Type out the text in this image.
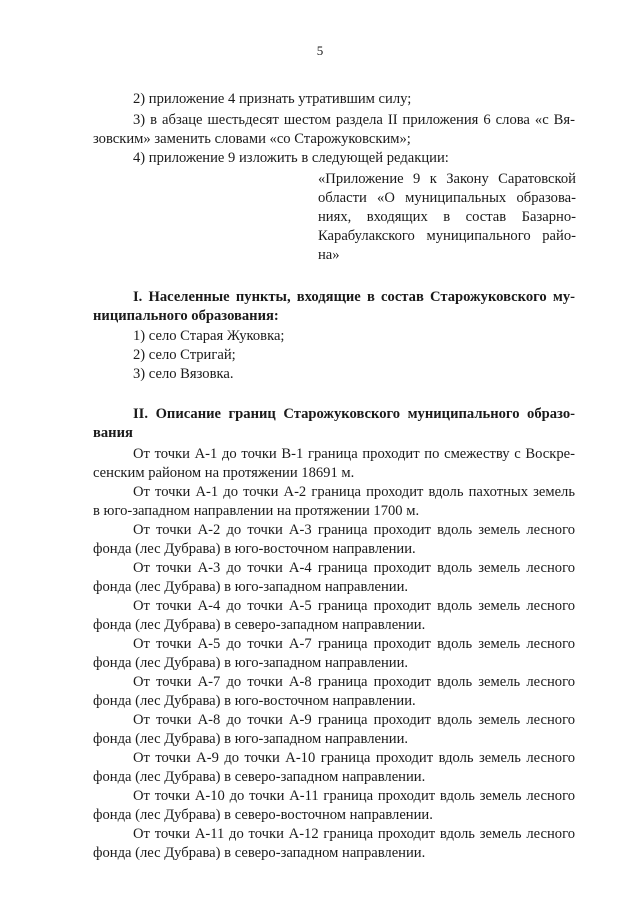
5
2) приложение 4 признать утратившим силу;
3) в абзаце шестьдесят шестом раздела II приложения 6 слова «с Вя-
зовским» заменить словами «со Старожуковским»;
4) приложение 9 изложить в следующей редакции:
«Приложение 9 к Закону Саратовской
области «О муниципальных образова-
ниях, входящих в состав Базарно-
Карабулакского муниципального райо-
на»
I. Населенные пункты, входящие в состав Старожуковского му-
ниципального образования:
1) село Старая Жуковка;
2) село Стригай;
3) село Вязовка.
II. Описание границ Старожуковского муниципального образо-
вания
От точки А-1 до точки В-1 граница проходит по смежеству с Воскре-
сенским районом на протяжении 18691 м.
От точки А-1 до точки А-2 граница проходит вдоль пахотных земель
в юго-западном направлении на протяжении 1700 м.
От точки А-2 до точки А-3 граница проходит вдоль земель лесного
фонда (лес Дубрава) в юго-восточном направлении.
От точки А-3 до точки А-4 граница проходит вдоль земель лесного
фонда (лес Дубрава) в юго-западном направлении.
От точки А-4 до точки А-5 граница проходит вдоль земель лесного
фонда (лес Дубрава) в северо-западном направлении.
От точки А-5 до точки А-7 граница проходит вдоль земель лесного
фонда (лес Дубрава) в юго-западном направлении.
От точки А-7 до точки А-8 граница проходит вдоль земель лесного
фонда (лес Дубрава) в юго-восточном направлении.
От точки А-8 до точки А-9 граница проходит вдоль земель лесного
фонда (лес Дубрава) в юго-западном направлении.
От точки А-9 до точки А-10 граница проходит вдоль земель лесного
фонда (лес Дубрава) в северо-западном направлении.
От точки А-10 до точки А-11 граница проходит вдоль земель лесного
фонда (лес Дубрава) в северо-восточном направлении.
От точки А-11 до точки А-12 граница проходит вдоль земель лесного
фонда (лес Дубрава) в северо-западном направлении.
